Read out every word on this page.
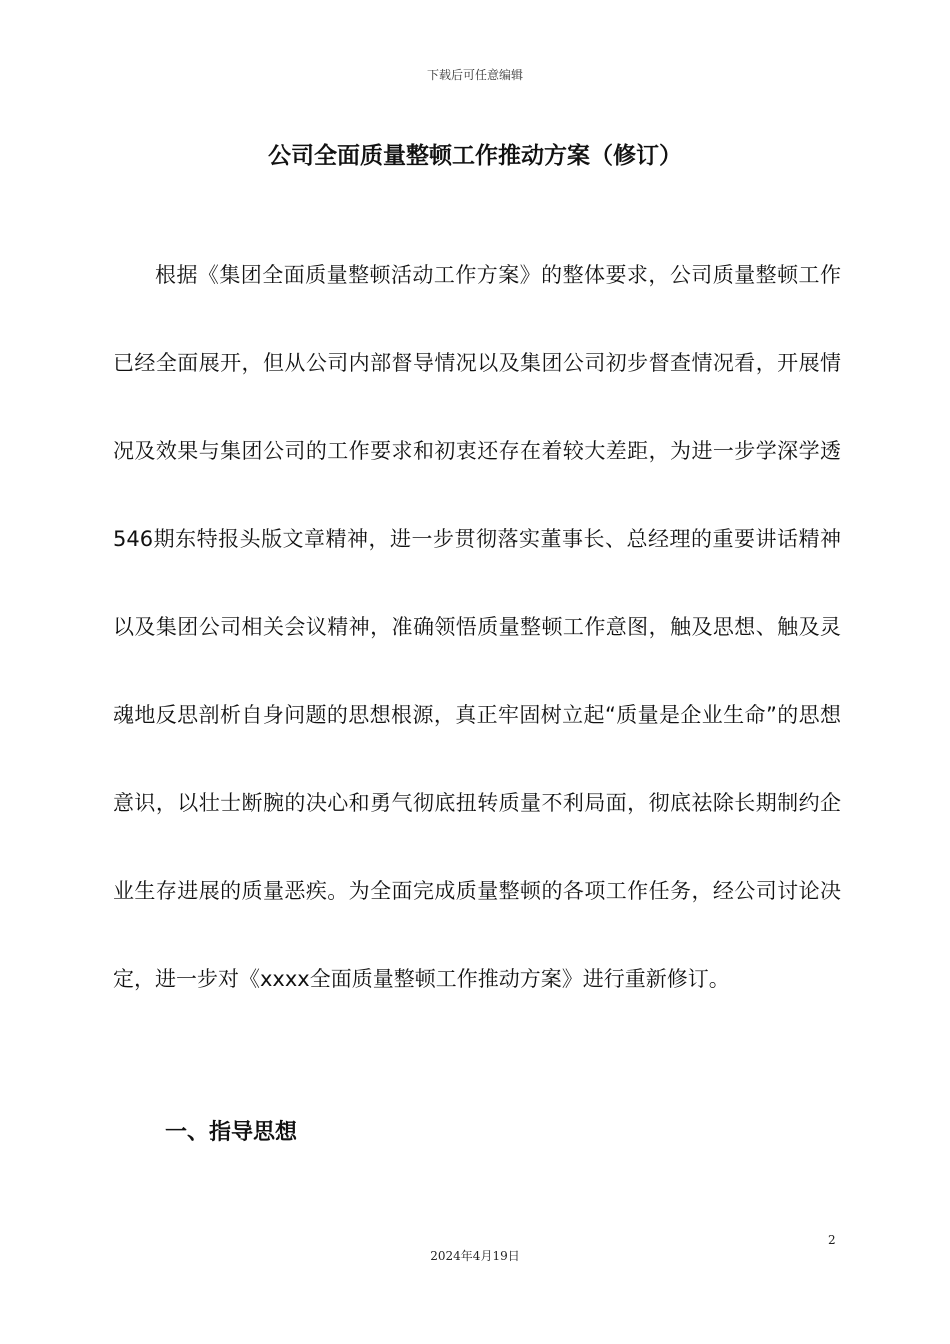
下载后可任意编辑
公司全面质量整顿工作推动方案（修订）

根据《集团全面质量整顿活动工作方案》的整体要求，公司质量整顿工作已经全面展开，但从公司内部督导情况以及集团公司初步督查情况看，开展情况及效果与集团公司的工作要求和初衷还存在着较大差距，为进一步学深学透546期东特报头版文章精神，进一步贯彻落实董事长、总经理的重要讲话精神以及集团公司相关会议精神，准确领悟质量整顿工作意图，触及思想、触及灵魂地反思剖析自身问题的思想根源，真正牢固树立起“质量是企业生命”的思想意识，以壮士断腕的决心和勇气彻底扭转质量不利局面，彻底祛除长期制约企业生存进展的质量恶疾。为全面完成质量整顿的各项工作任务，经公司讨论决定，进一步对《xxxx全面质量整顿工作推动方案》进行重新修订。

一、指导思想
2
2024年4月19日
